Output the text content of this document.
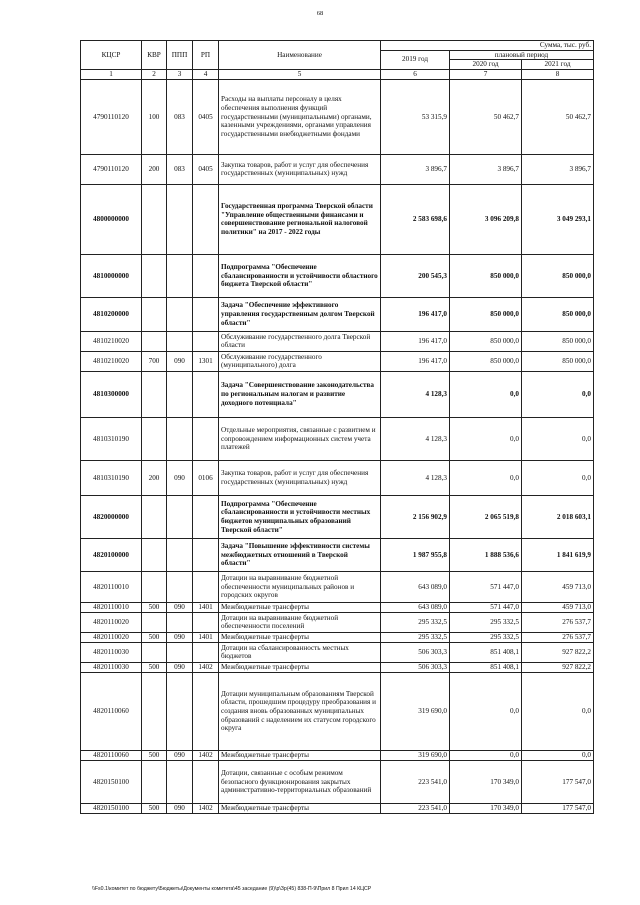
68
КЦСР	КВР	ППП	РП	Наименование	Сумма, тыс. руб.		
					2019 год	плановый период	
						2020 год	2021 год
1	2	3	4	5	6	7	8
4790110120	100	083	0405	Расходы на выплаты персоналу в целях обеспечения выполнения функций государственными (муниципальными) органами, казенными учреждениями, органами управления государственными внебюджетными фондами	53 315,9	50 462,7	50 462,7
4790110120	200	083	0405	Закупка товаров, работ и услуг для обеспечения государственных (муниципальных) нужд	3 896,7	3 896,7	3 896,7
4800000000				Государственная программа Тверской области "Управление общественными финансами и совершенствование региональной налоговой политики" на 2017 - 2022 годы	2 583 698,6	3 096 209,8	3 049 293,1
4810000000				Подпрограмма "Обеспечение сбалансированности и устойчивости областного бюджета Тверской области"	200 545,3	850 000,0	850 000,0
4810200000				Задача "Обеспечение эффективного управления государственным долгом Тверской области"	196 417,0	850 000,0	850 000,0
4810210020				Обслуживание государственного долга Тверской области	196 417,0	850 000,0	850 000,0
4810210020	700	090	1301	Обслуживание государственного (муниципального) долга	196 417,0	850 000,0	850 000,0
4810300000				Задача "Совершенствование законодательства по региональным налогам и развитие доходного потенциала"	4 128,3	0,0	0,0
4810310190				Отдельные мероприятия, связанные с развитием и сопровождением информационных систем учета платежей	4 128,3	0,0	0,0
4810310190	200	090	0106	Закупка товаров, работ и услуг для обеспечения государственных (муниципальных) нужд	4 128,3	0,0	0,0
4820000000				Подпрограмма "Обеспечение сбалансированности и устойчивости местных бюджетов муниципальных образований Тверской области"	2 156 902,9	2 065 519,8	2 018 603,1
4820100000				Задача "Повышение эффективности системы межбюджетных отношений в Тверской области"	1 987 955,8	1 888 536,6	1 841 619,9
4820110010				Дотации на выравнивание бюджетной обеспеченности муниципальных районов и городских округов	643 089,0	571 447,0	459 713,0
4820110010	500	090	1401	Межбюджетные трансферты	643 089,0	571 447,0	459 713,0
4820110020				Дотации на выравнивание бюджетной обеспеченности поселений	295 332,5	295 332,5	276 537,7
4820110020	500	090	1401	Межбюджетные трансферты	295 332,5	295 332,5	276 537,7
4820110030				Дотации на сбалансированность местных бюджетов	506 303,3	851 408,1	927 822,2
4820110030	500	090	1402	Межбюджетные трансферты	506 303,3	851 408,1	927 822,2
4820110060				Дотации муниципальным образованиям Тверской области, прошедшим процедуру преобразования и создания вновь образованных муниципальных образований с наделением их статусом городского округа	319 690,0	0,0	0,0
4820110060	500	090	1402	Межбюджетные трансферты	319 690,0	0,0	0,0
4820150100				Дотации, связанные с особым режимом безопасного функционирования закрытых административно-территориальных образований	223 541,0	170 349,0	177 547,0
4820150100	500	090	1402	Межбюджетные трансферты	223 541,0	170 349,0	177 547,0
\\Fs0.1\комитет по бюджету\Бюджеты\Документы комитета\45 заседание (9)\р\Зр(45) 838-П-9\Прил 8 Прил 14 КЦСР
